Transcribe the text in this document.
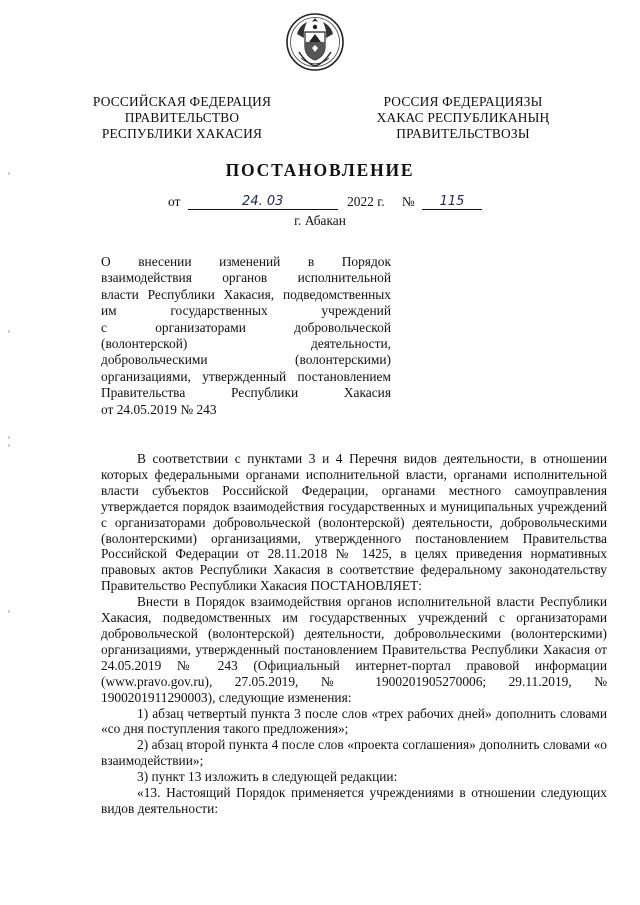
РОССИЙСКАЯ ФЕДЕРАЦИЯ
ПРАВИТЕЛЬСТВО
РЕСПУБЛИКИ ХАКАСИЯ
РОССИЯ ФЕДЕРАЦИЯЗЫ
ХАКАС РЕСПУБЛИКАНЫҢ
ПРАВИТЕЛЬСТВОЗЫ
ПОСТАНОВЛЕНИЕ
от	24. 03	2022 г. №	115
г. Абакан
О внесении изменений в Порядок
взаимодействия органов исполнительной
власти Республики Хакасия, подведомственных
им	государственных	учреждений
с	организаторами	добровольческой
(волонтерской)	деятельности,
добровольческими	(волонтерскими)
организациями, утвержденный постановлением
Правительства	Республики	Хакасия
от 24.05.2019 № 243

В соответствии с пунктами 3 и 4 Перечня видов деятельности, в отношении которых федеральными органами исполнительной власти, органами исполнительной власти субъектов Российской Федерации, органами местного самоуправления утверждается порядок взаимодействия государственных и муниципальных учреждений с организаторами добровольческой (волонтерской) деятельности, добровольческими (волонтерскими) организациями, утвержденного постановлением Правительства Российской Федерации от 28.11.2018 № 1425, в целях приведения нормативных правовых актов Республики Хакасия в соответствие федеральному законодательству Правительство Республики Хакасия ПОСТАНОВЛЯЕТ:

Внести в Порядок взаимодействия органов исполнительной власти Республики Хакасия, подведомственных им государственных учреждений с организаторами добровольческой (волонтерской) деятельности, добровольческими (волонтерскими) организациями, утвержденный постановлением Правительства Республики Хакасия от 24.05.2019 № 243 (Официальный интернет-портал правовой информации (www.pravo.gov.ru), 27.05.2019, № 1900201905270006; 29.11.2019, № 1900201911290003), следующие изменения:

1) абзац четвертый пункта 3 после слов «трех рабочих дней» дополнить словами «со дня поступления такого предложения»;

2) абзац второй пункта 4 после слов «проекта соглашения» дополнить словами «о взаимодействии»;

3) пункт 13 изложить в следующей редакции:

«13. Настоящий Порядок применяется учреждениями в отношении следующих видов деятельности:
